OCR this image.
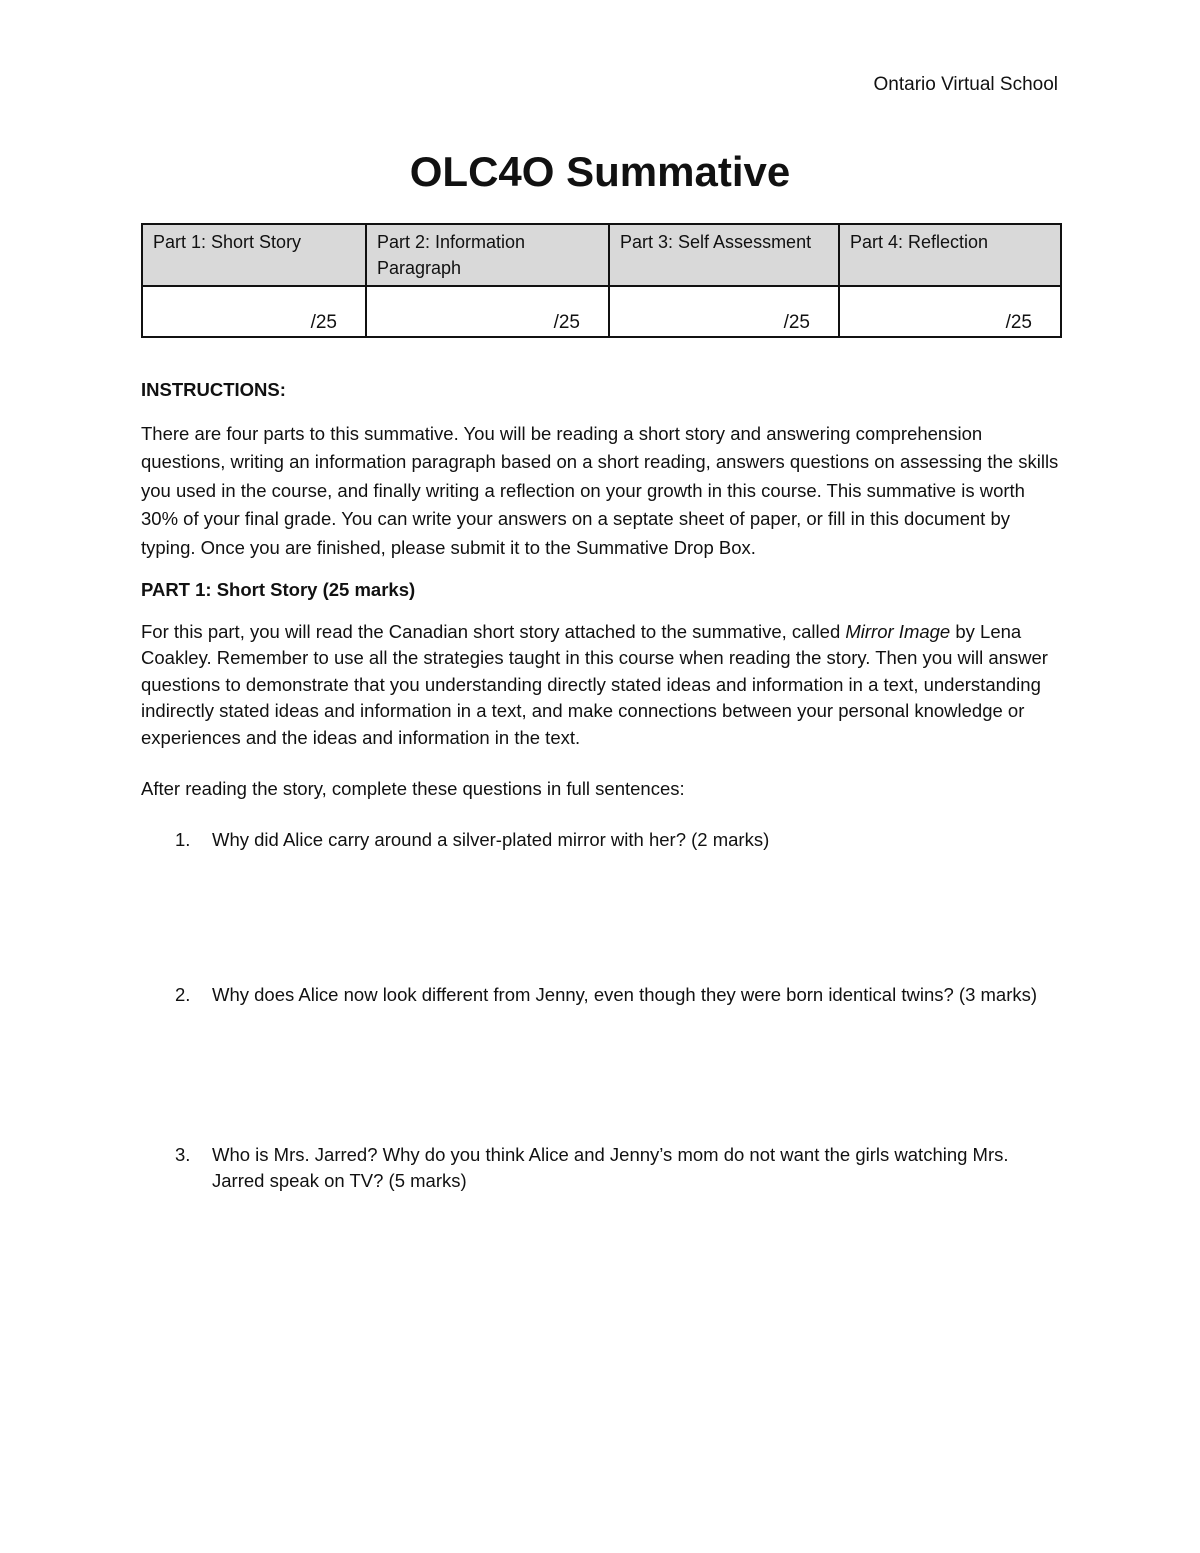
Ontario Virtual School
OLC4O Summative
Part 1: Short Story	Part 2: Information Paragraph	Part 3: Self Assessment	Part 4: Reflection
/25	/25	/25	/25

INSTRUCTIONS:

There are four parts to this summative. You will be reading a short story and answering comprehension questions, writing an information paragraph based on a short reading, answers questions on assessing the skills you used in the course, and finally writing a reflection on your growth in this course. This summative is worth 30% of your final grade. You can write your answers on a septate sheet of paper, or fill in this document by typing. Once you are finished, please submit it to the Summative Drop Box.

PART 1: Short Story (25 marks)

For this part, you will read the Canadian short story attached to the summative, called Mirror Image by Lena Coakley. Remember to use all the strategies taught in this course when reading the story. Then you will answer questions to demonstrate that you understanding directly stated ideas and information in a text, understanding indirectly stated ideas and information in a text, and make connections between your personal knowledge or experiences and the ideas and information in the text.

After reading the story, complete these questions in full sentences:

1. Why did Alice carry around a silver-plated mirror with her? (2 marks)
2. Why does Alice now look different from Jenny, even though they were born identical twins? (3 marks)
3. Who is Mrs. Jarred? Why do you think Alice and Jenny’s mom do not want the girls watching Mrs. Jarred speak on TV? (5 marks)
